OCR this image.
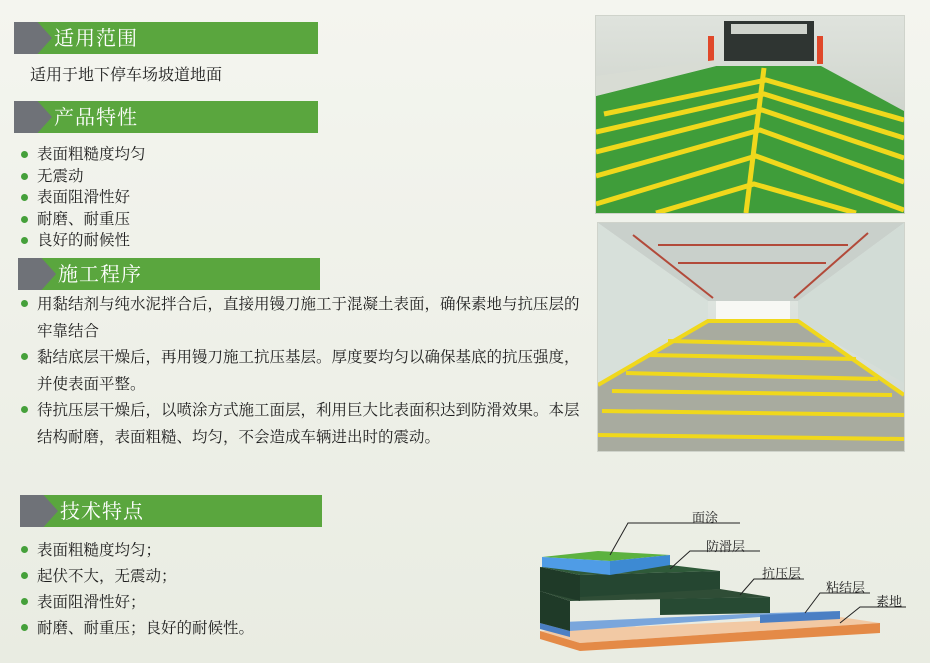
适用范围
适用于地下停车场坡道地面
产品特性
表面粗糙度均匀
无震动
表面阻滑性好
耐磨、耐重压
良好的耐候性
施工程序
用黏结剂与纯水泥拌合后，直接用镘刀施工于混凝土表面，确保素地与抗压层的牢靠结合
黏结底层干燥后，再用镘刀施工抗压基层。厚度要均匀以确保基底的抗压强度，并使表面平整。
待抗压层干燥后，以喷涂方式施工面层，利用巨大比表面积达到防滑效果。本层结构耐磨，表面粗糙、均匀，不会造成车辆进出时的震动。
技术特点
表面粗糙度均匀；
起伏不大，无震动；
表面阻滑性好；
耐磨、耐重压；良好的耐候性。
面涂
防滑层
抗压层
粘结层
素地
